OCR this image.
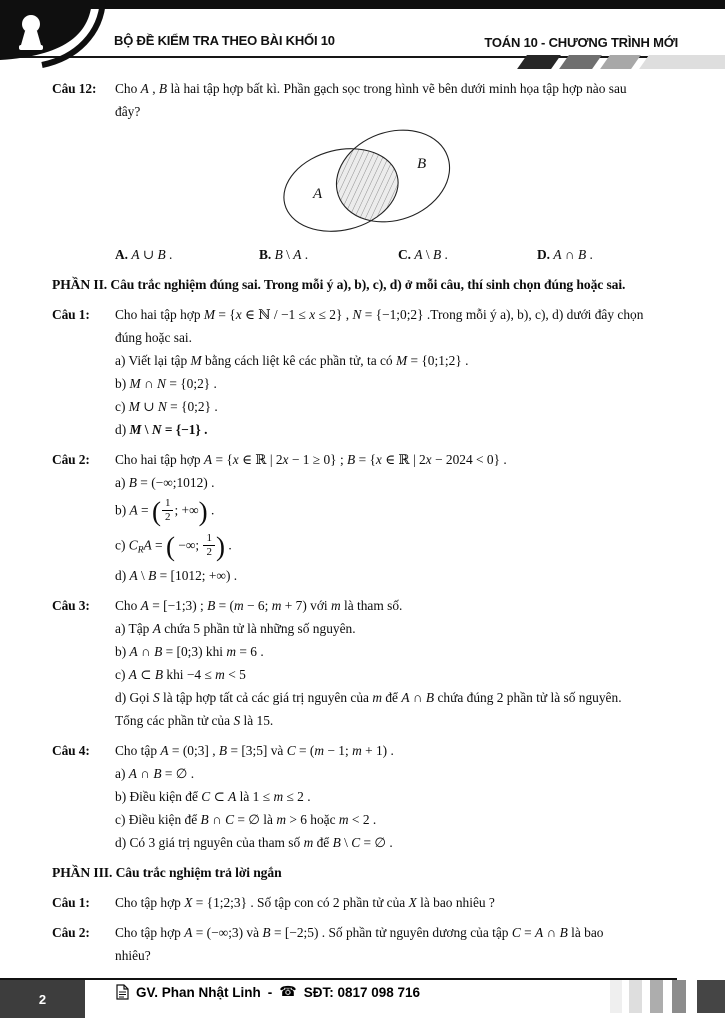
BỘ ĐỀ KIỂM TRA THEO BÀI KHỐI 10	TOÁN 10 - CHƯƠNG TRÌNH MỚI
Câu 12:	Cho A , B là hai tập hợp bất kì. Phần gạch sọc trong hình vẽ bên dưới minh họa tập hợp nào sau
đây?
A
B
A. A ∪ B .	B. B \ A .	C. A \ B .	D. A ∩ B .
PHẦN II. Câu trắc nghiệm đúng sai. Trong mỗi ý a), b), c), d) ở mỗi câu, thí sinh chọn đúng hoặc sai.
Câu 1:	Cho hai tập hợp M = {x ∈ ℕ / −1 ≤ x ≤ 2} , N = {−1;0;2} .Trong mỗi ý a), b), c), d) dưới đây chọn
đúng hoặc sai.
a) Viết lại tập M bằng cách liệt kê các phần tử, ta có M = {0;1;2} .
b) M ∩ N = {0;2} .
c) M ∪ N = {0;2} .
d) M \ N = {−1} .
Câu 2:	Cho hai tập hợp A = {x ∈ ℝ | 2x − 1 ≥ 0} ; B = {x ∈ ℝ | 2x − 2024 < 0} .
a) B = (−∞;1012) .
b) A = ( $\frac{1}{2}$ ; +∞) .
c) $C_RA$ = ( −∞; $\frac{1}{2}$ ) .
d) A \ B = [1012; +∞) .
Câu 3:	Cho A = [−1;3) ; B = (m − 6; m + 7) với m là tham số.
a) Tập A chứa 5 phần tử là những số nguyên.
b) A ∩ B = [0;3) khi m = 6 .
c) A ⊂ B khi −4 ≤ m < 5
d) Gọi S là tập hợp tất cả các giá trị nguyên của m để A ∩ B chứa đúng 2 phần tử là số nguyên.
Tổng các phần tử của S là 15.
Câu 4:	Cho tập A = (0;3] , B = [3;5] và C = (m − 1; m + 1) .
a) A ∩ B = ∅ .
b) Điều kiện để C ⊂ A là 1 ≤ m ≤ 2 .
c) Điều kiện để B ∩ C = ∅ là m > 6 hoặc m < 2 .
d) Có 3 giá trị nguyên của tham số m để B \ C = ∅ .
PHẦN III. Câu trắc nghiệm trả lời ngắn
Câu 1:	Cho tập hợp X = {1;2;3} . Số tập con có 2 phần tử của X là bao nhiêu ?
Câu 2:	Cho tập hợp A = (−∞;3) và B = [−2;5) . Số phần tử nguyên dương của tập C = A ∩ B là bao
nhiêu?
2	GV. Phan Nhật Linh - ☎ SĐT: 0817 098 716
